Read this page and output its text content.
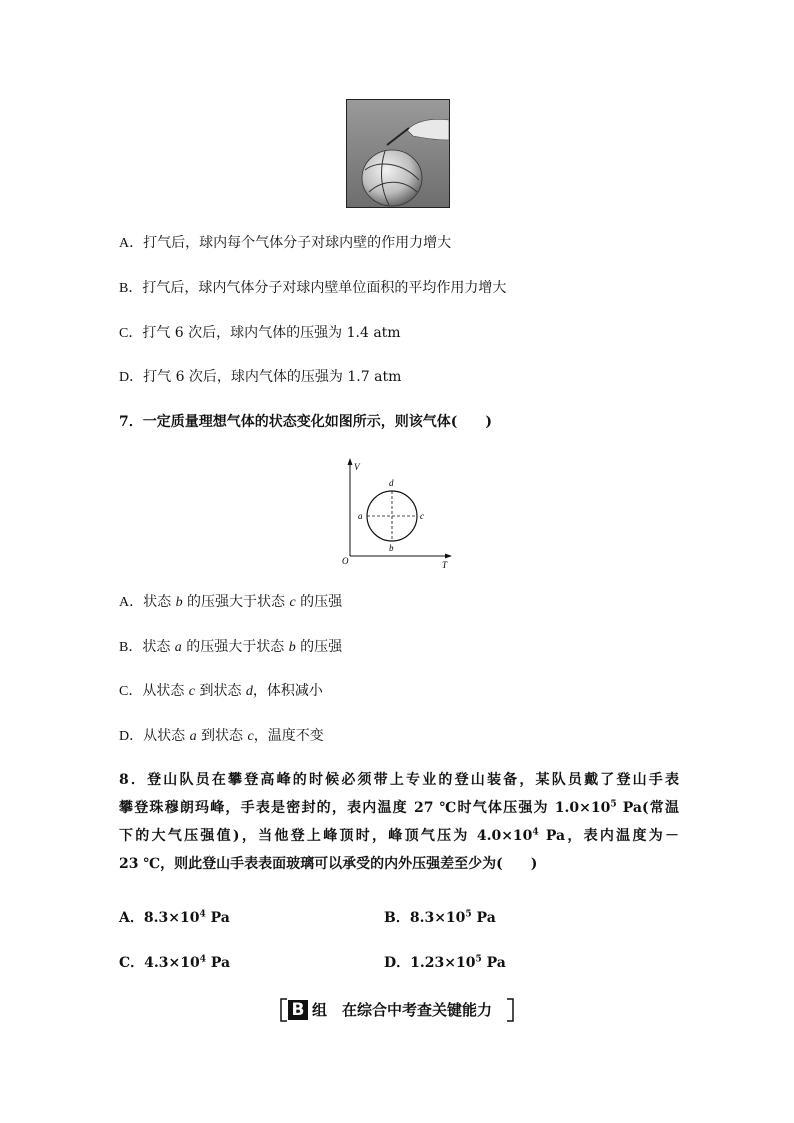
A．打气后，球内每个气体分子对球内壁的作用力增大
B．打气后，球内气体分子对球内壁单位面积的平均作用力增大
C．打气 6 次后，球内气体的压强为 1.4 atm
D．打气 6 次后，球内气体的压强为 1.7 atm
7．一定质量理想气体的状态变化如图所示，则该气体(　　)
V
T
O
a
b
c
d
A．状态 b 的压强大于状态 c 的压强
B．状态 a 的压强大于状态 b 的压强
C．从状态 c 到状态 d，体积减小
D．从状态 a 到状态 c，温度不变
8．登山队员在攀登高峰的时候必须带上专业的登山装备，某队员戴了登山手表
攀登珠穆朗玛峰，手表是密封的，表内温度 27 ℃时气体压强为 $1.0\times 10^5$ Pa(常温
下的大气压强值)，当他登上峰顶时，峰顶气压为 $4.0\times 10^4$ Pa，表内温度为－
23 ℃，则此登山手表表面玻璃可以承受的内外压强差至少为(　　)
A．$8.3\times 10^4$ Pa	B．$8.3\times 10^5$ Pa
C．$4.3\times 10^4$ Pa	D．$1.23\times 10^5$ Pa
B 组　在综合中考查关键能力
